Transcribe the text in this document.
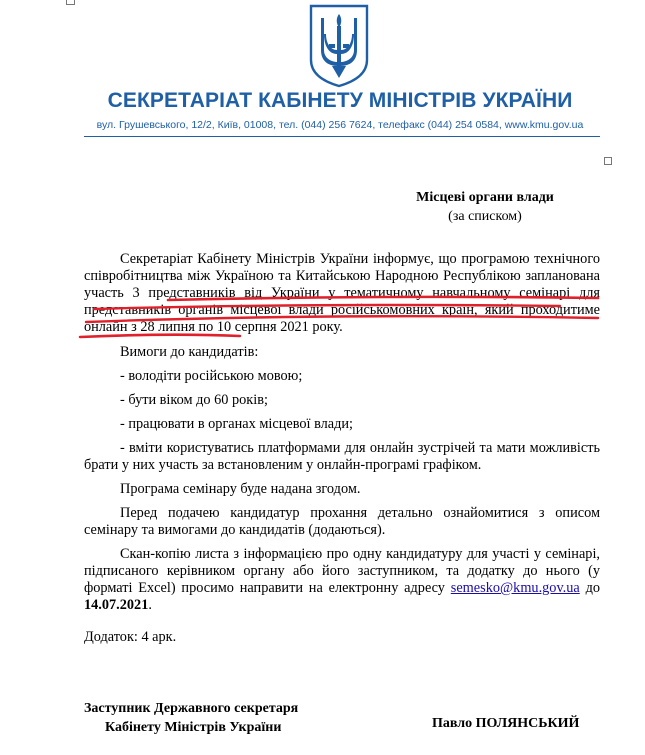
СЕКРЕТАРІАТ КАБІНЕТУ МІНІСТРІВ УКРАЇНИ
вул. Грушевського, 12/2, Київ, 01008, тел. (044) 256 7624, телефакс (044) 254 0584, www.kmu.gov.ua
Місцеві органи влади
(за списком)

Секретаріат Кабінету Міністрів України інформує, що програмою технічного співробітництва між Україною та Китайською Народною Республікою запланована участь 3 представників від України у тематичному навчальному семінарі для представників органів місцевої влади російськомовних країн, який проходитиме онлайн з 28 липня по 10 серпня 2021 року.

Вимоги до кандидатів:

- володіти російською мовою;

- бути віком до 60 років;

- працювати в органах місцевої влади;

- вміти користуватись платформами для онлайн зустрічей та мати можливість брати у них участь за встановленим у онлайн-програмі графіком.

Програма семінару буде надана згодом.

Перед подачею кандидатур прохання детально ознайомитися з описом семінару та вимогами до кандидатів (додаються).

Скан-копію листа з інформацією про одну кандидатуру для участі у семінарі, підписаного керівником органу або його заступником, та додатку до нього (у форматі Excel) просимо направити на електронну адресу semesko@kmu.gov.ua до 14.07.2021.

Додаток: 4 арк.

Заступник Державного секретаря
Кабінету Міністрів України	Павло ПОЛЯНСЬКИЙ
